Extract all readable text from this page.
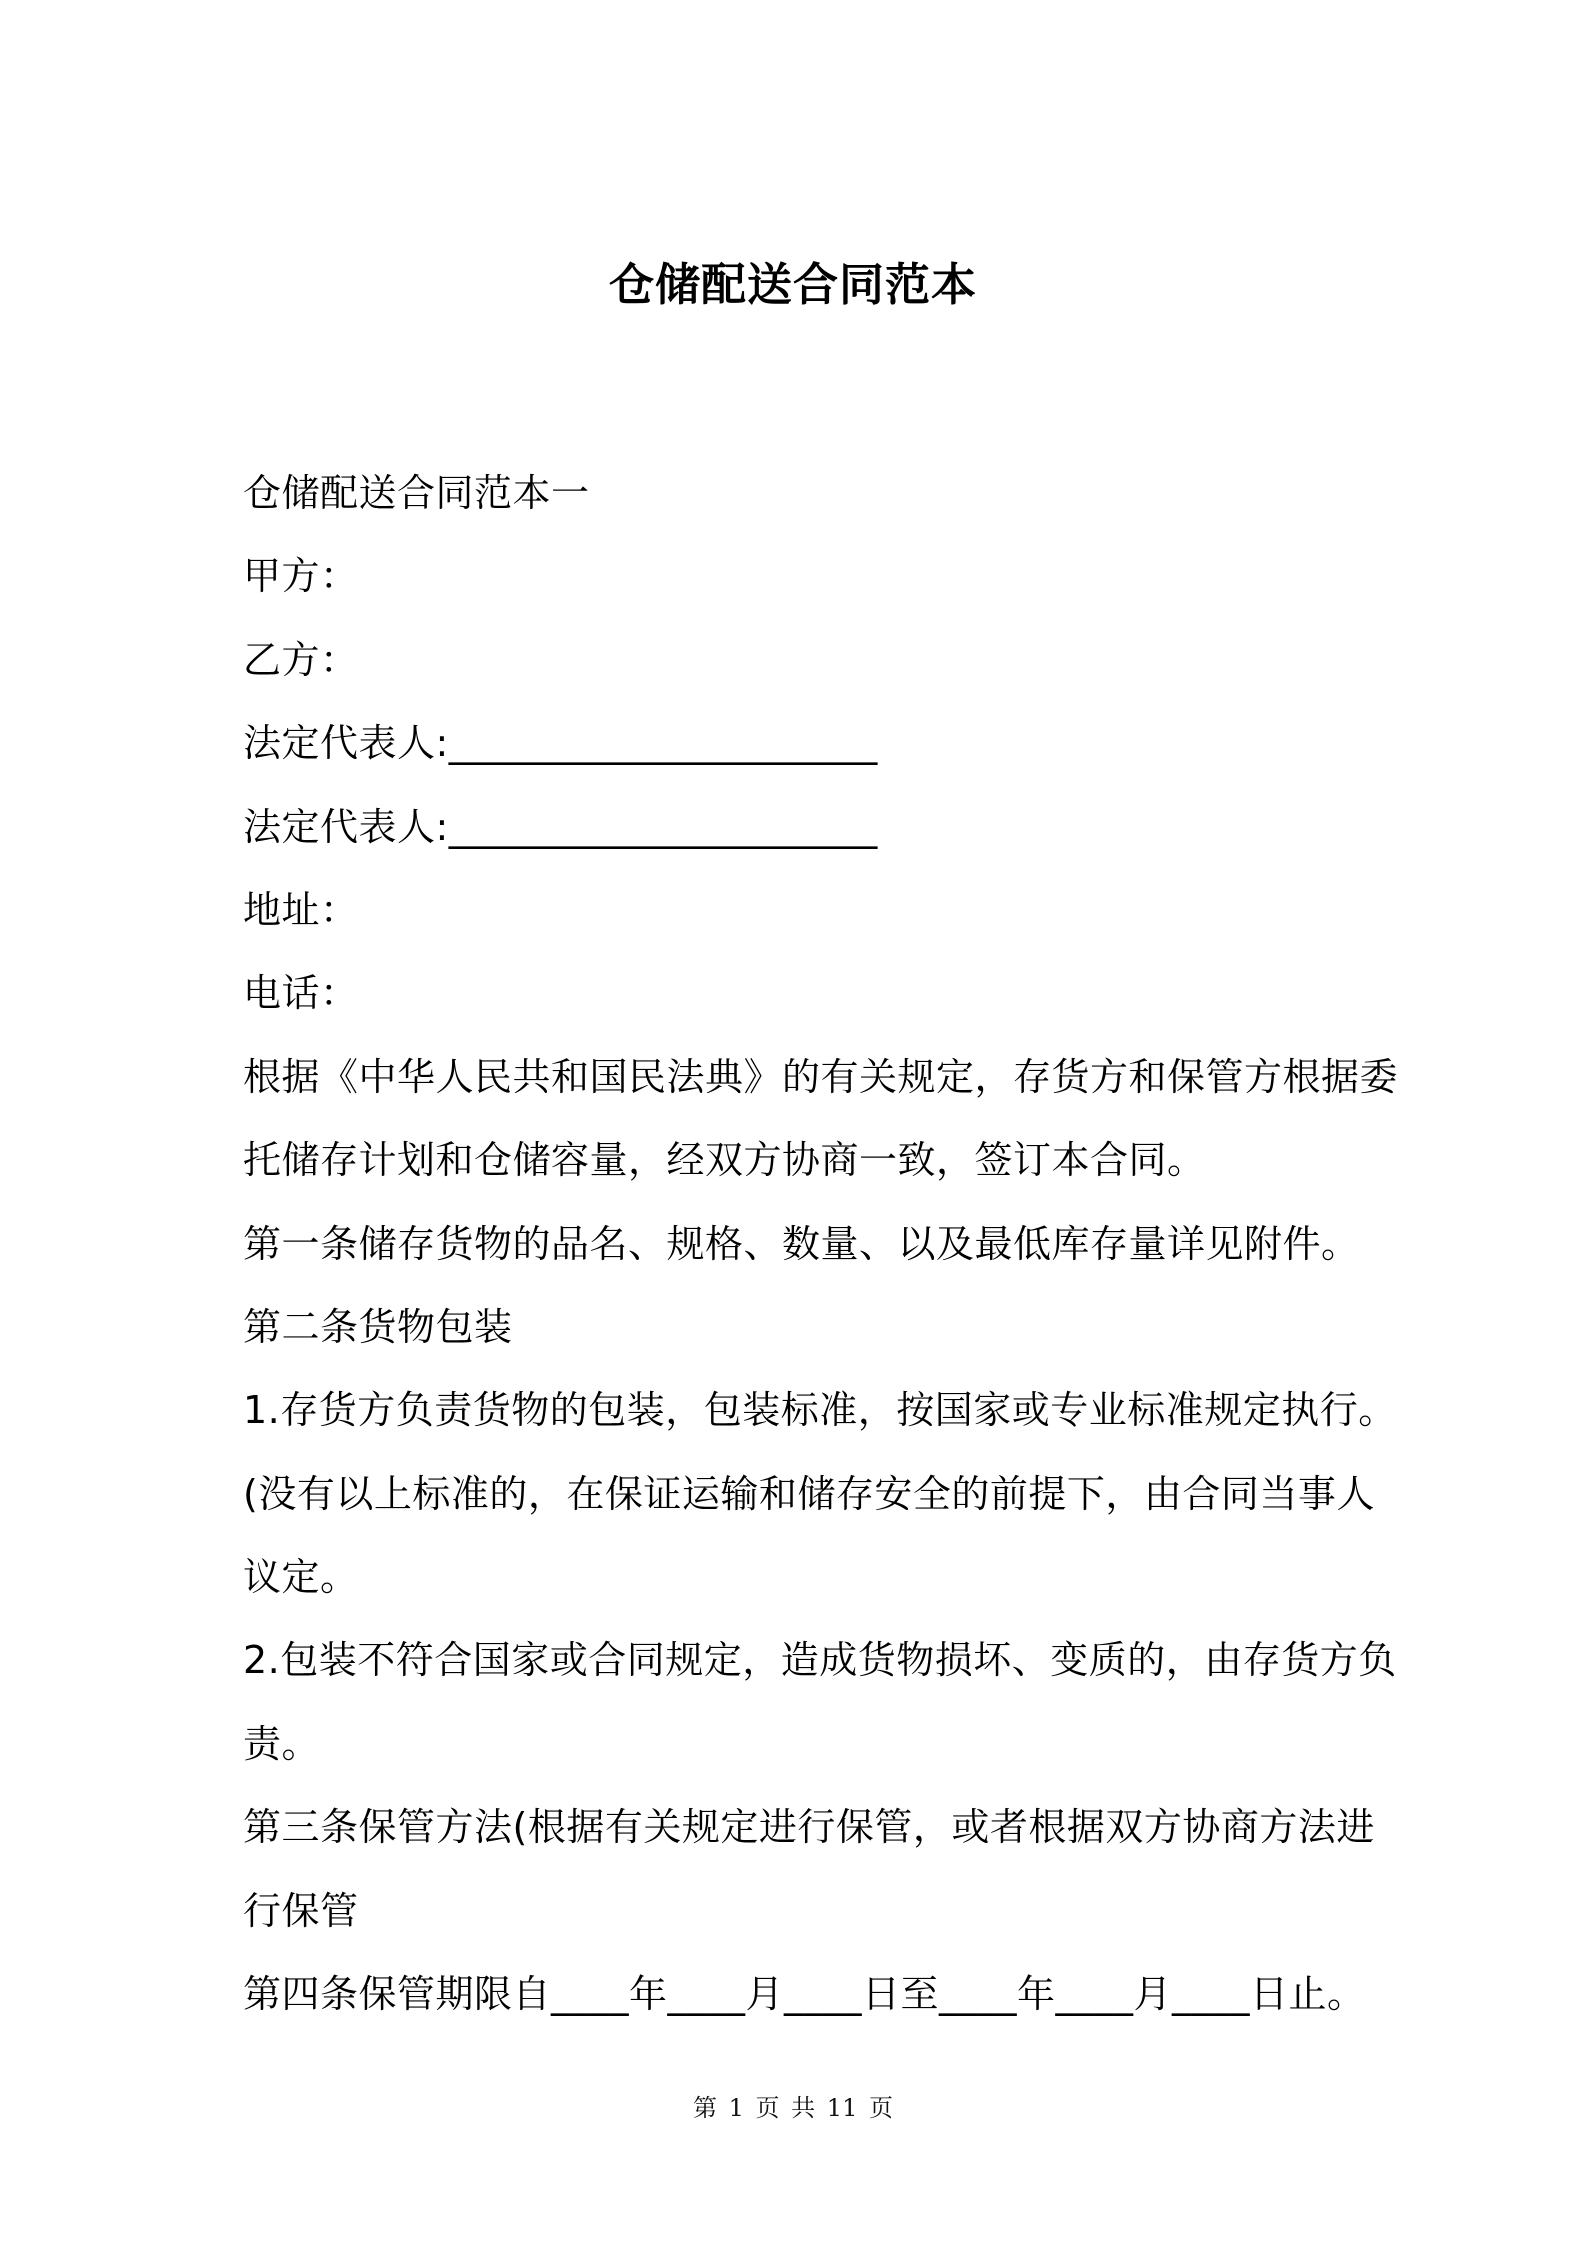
仓储配送合同范本
仓储配送合同范本一
甲方：
乙方：
法定代表人:______________________
法定代表人:______________________
地址：
电话：
根据《中华人民共和国民法典》的有关规定，存货方和保管方根据委
托储存计划和仓储容量，经双方协商一致，签订本合同。
第一条储存货物的品名、规格、数量、以及最低库存量详见附件。
第二条货物包装
1.存货方负责货物的包装，包装标准，按国家或专业标准规定执行。
(没有以上标准的，在保证运输和储存安全的前提下，由合同当事人
议定。
2.包装不符合国家或合同规定，造成货物损坏、变质的，由存货方负
责。
第三条保管方法(根据有关规定进行保管，或者根据双方协商方法进
行保管
第四条保管期限自____年____月____日至____年____月____日止。
第 1 页 共 11 页
